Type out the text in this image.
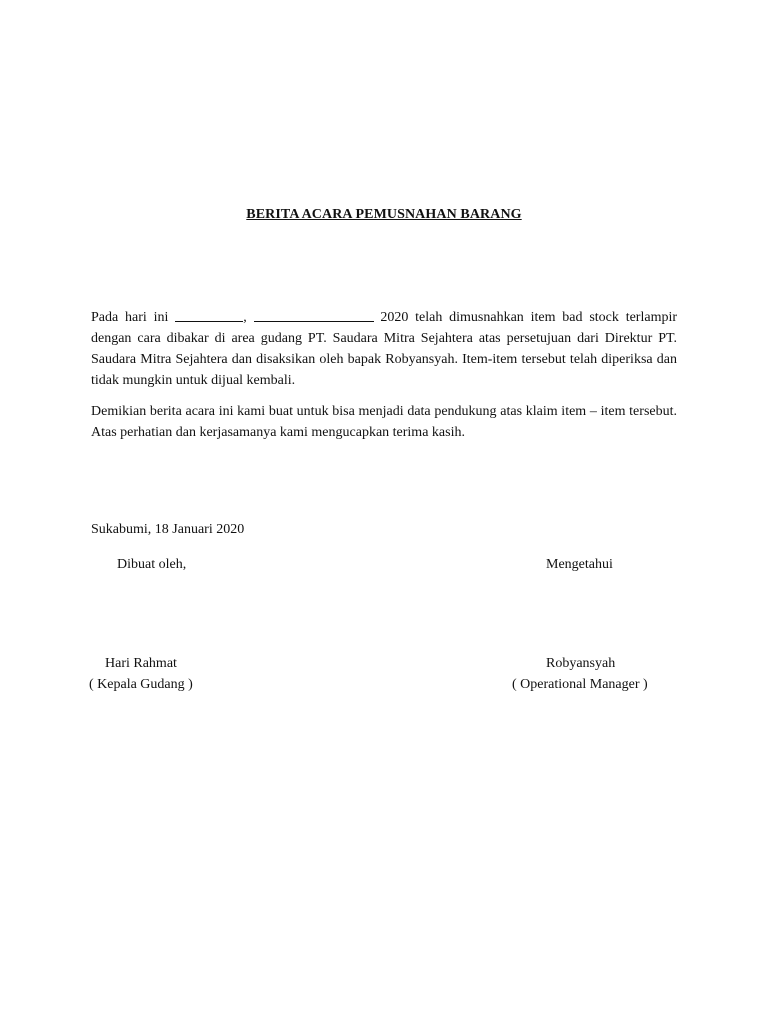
BERITA ACARA PEMUSNAHAN BARANG

Pada hari ini	,	2020 telah dimusnahkan item bad stock terlampir dengan cara dibakar di area gudang PT. Saudara Mitra Sejahtera atas persetujuan dari Direktur PT. Saudara Mitra Sejahtera dan disaksikan oleh bapak Robyansyah. Item-item tersebut telah diperiksa dan tidak mungkin untuk dijual kembali.

Demikian berita acara ini kami buat untuk bisa menjadi data pendukung atas klaim item – item tersebut. Atas perhatian dan kerjasamanya kami mengucapkan terima kasih.

Sukabumi, 18 Januari 2020
Dibuat oleh,	Mengetahui
Hari Rahmat	Robyansyah
( Kepala Gudang )	( Operational Manager )
